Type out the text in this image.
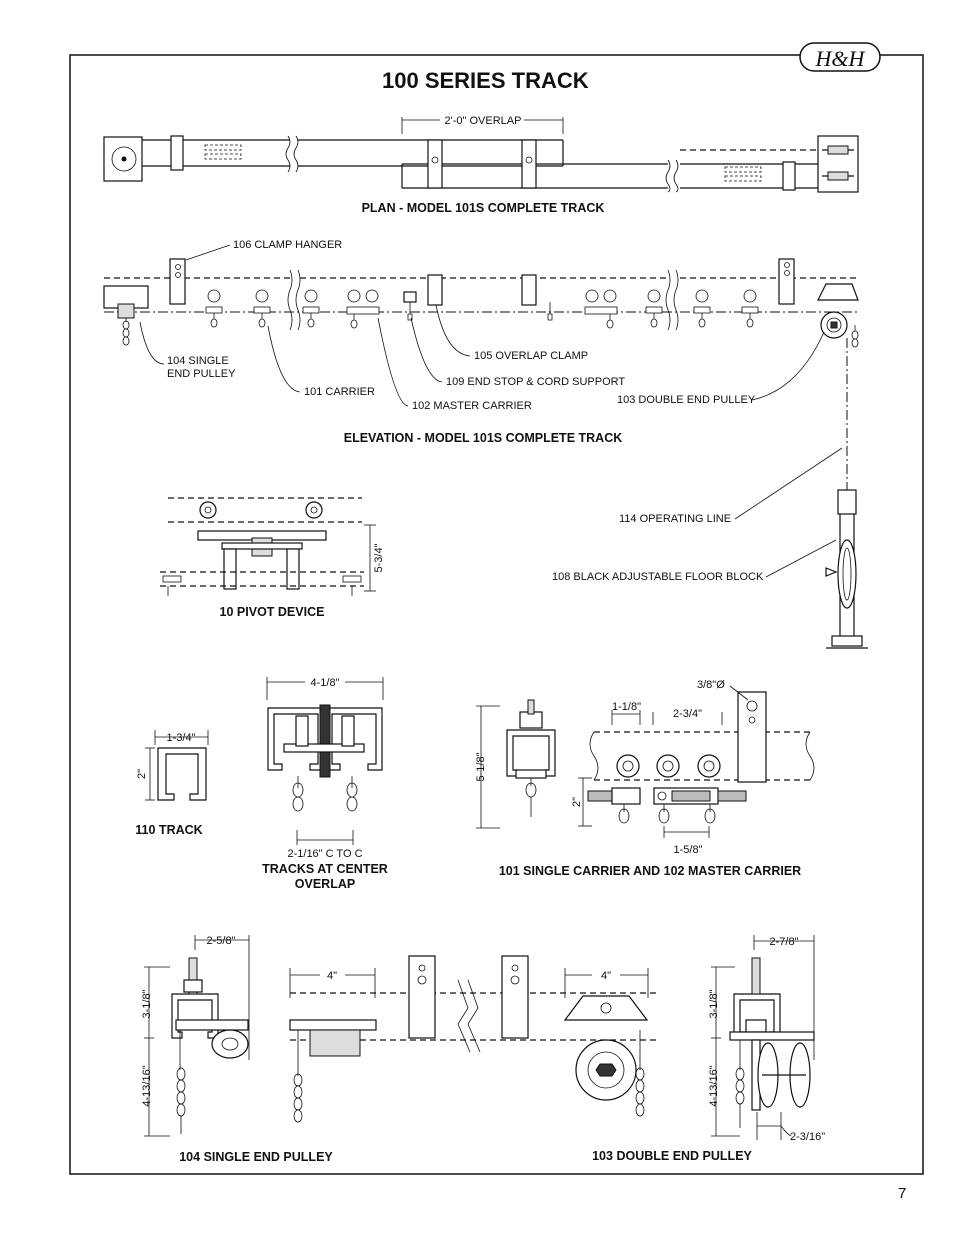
H&H
100 SERIES TRACK
2'-0" OVERLAP
PLAN - MODEL 101S COMPLETE TRACK
106 CLAMP HANGER
104 SINGLE
END PULLEY
101 CARRIER
102 MASTER CARRIER
105 OVERLAP CLAMP
109 END STOP & CORD SUPPORT
103 DOUBLE END PULLEY
114 OPERATING LINE
108 BLACK ADJUSTABLE FLOOR BLOCK
ELEVATION - MODEL 101S COMPLETE TRACK
5-3/4"
10 PIVOT DEVICE
1-3/4"
2"
110 TRACK
4-1/8"
2-1/16" C TO C
TRACKS AT CENTER
OVERLAP
5-1/8"
3/8"Ø
1-1/8"
2-3/4"
2"
1-5/8"
101 SINGLE CARRIER AND 102 MASTER CARRIER
2-5/8"
3-1/8"
4-13/16"
104 SINGLE END PULLEY
4"	4"
2-7/8"
2-3/16"
3-1/8"
4-13/16"
103 DOUBLE END PULLEY
7
